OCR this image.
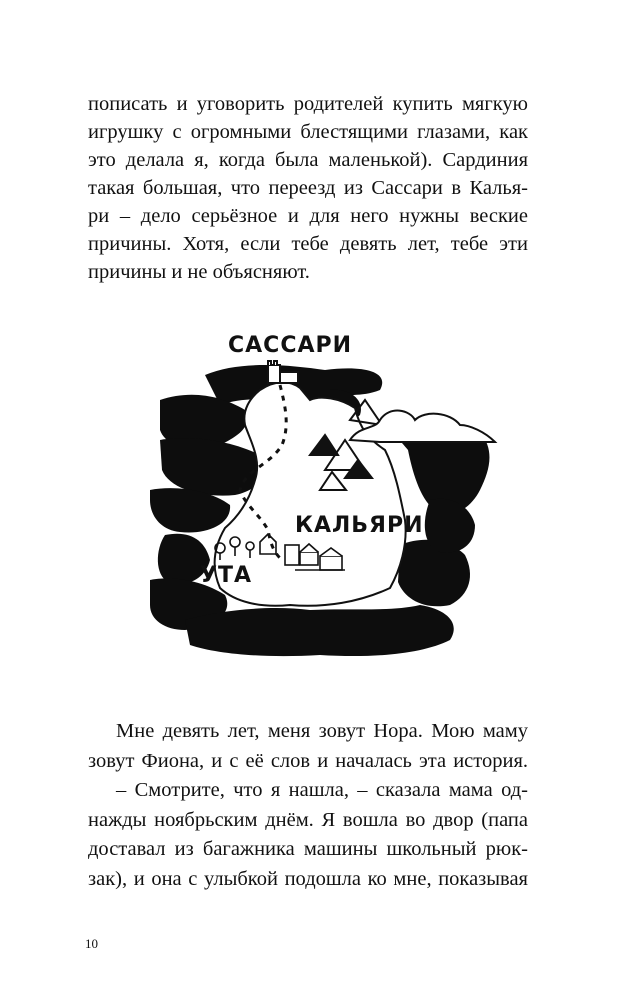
пописать и уговорить родителей купить мягкую
игрушку с огромными блестящими глазами, как
это делала я, когда была маленькой). Сардиния
такая большая, что переезд из Сассари в Калья-
ри – дело серьёзное и для него нужны веские
причины. Хотя, если тебе девять лет, тебе эти
причины и не объясняют.
САССАРИ
КАЛЬЯРИ
УТА
Мне девять лет, меня зовут Нора. Мою маму
зовут Фиона, и с её слов и началась эта история.
– Смотрите, что я нашла, – сказала мама од-
нажды ноябрьским днём. Я вошла во двор (папа
доставал из багажника машины школьный рюк-
зак), и она с улыбкой подошла ко мне, показывая
10
